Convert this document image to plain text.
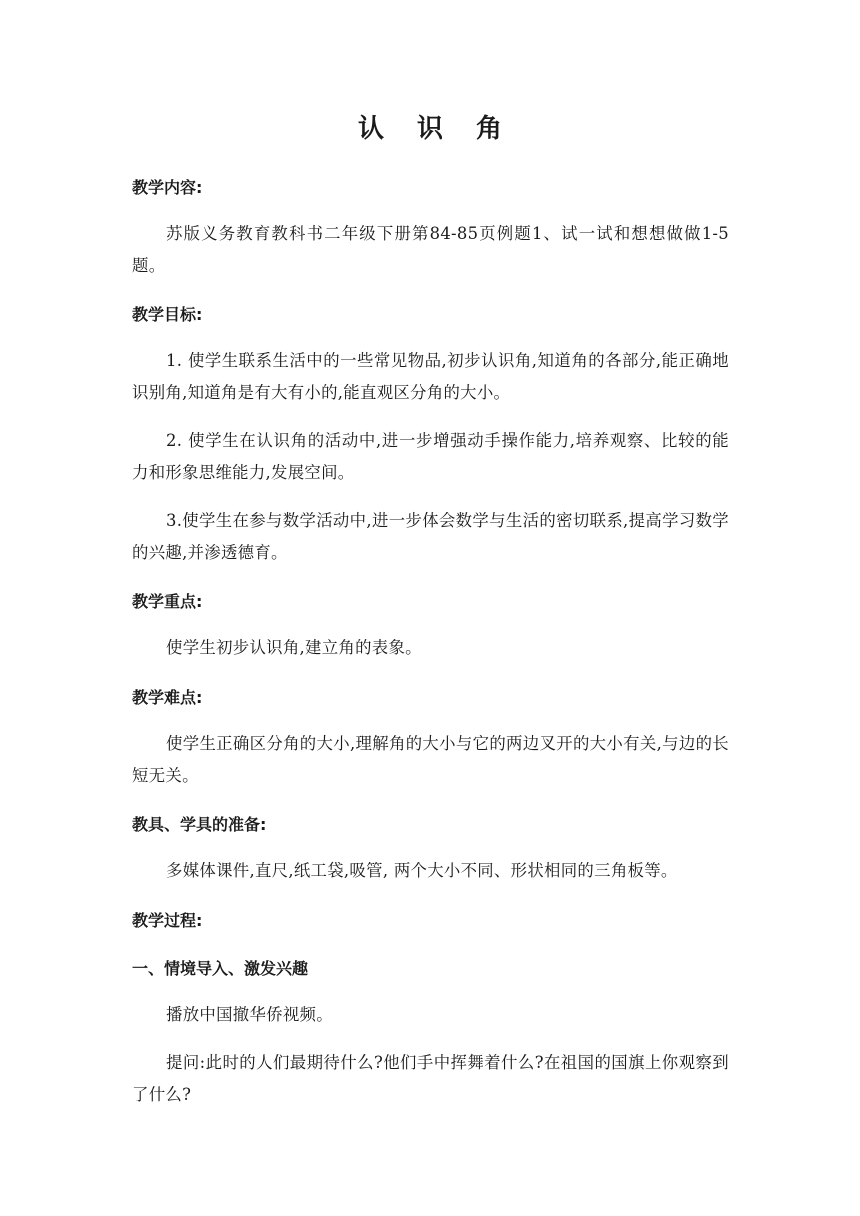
认 识 角
教学内容:
苏版义务教育教科书二年级下册第84-85页例题1、试一试和想想做做1-5题。
教学目标:
1. 使学生联系生活中的一些常见物品,初步认识角,知道角的各部分,能正确地识别角,知道角是有大有小的,能直观区分角的大小。
2. 使学生在认识角的活动中,进一步增强动手操作能力,培养观察、比较的能力和形象思维能力,发展空间。
3.使学生在参与数学活动中,进一步体会数学与生活的密切联系,提高学习数学的兴趣,并渗透德育。
教学重点:
使学生初步认识角,建立角的表象。
教学难点:
使学生正确区分角的大小,理解角的大小与它的两边叉开的大小有关,与边的长短无关。
教具、学具的准备:
多媒体课件,直尺,纸工袋,吸管, 两个大小不同、形状相同的三角板等。
教学过程:
一、情境导入、激发兴趣
播放中国撤华侨视频。
提问:此时的人们最期待什么?他们手中挥舞着什么?在祖国的国旗上你观察到了什么?
